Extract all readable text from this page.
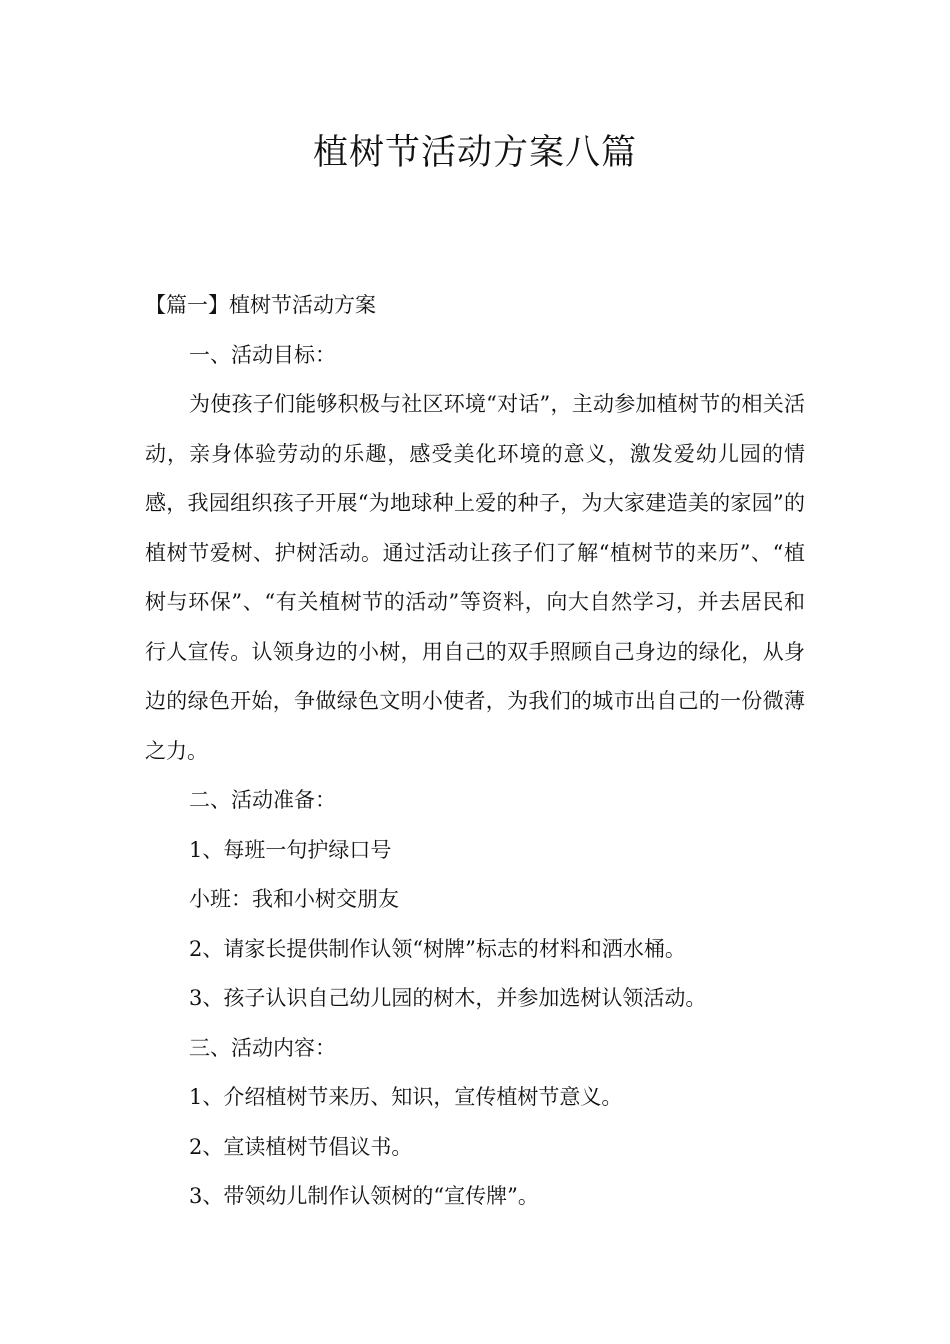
植树节活动方案八篇

【篇一】植树节活动方案

一、活动目标：

为使孩子们能够积极与社区环境“对话”，主动参加植树节的相关活动，亲身体验劳动的乐趣，感受美化环境的意义，激发爱幼儿园的情感，我园组织孩子开展“为地球种上爱的种子，为大家建造美的家园”的植树节爱树、护树活动。通过活动让孩子们了解“植树节的来历”、“植树与环保”、“有关植树节的活动”等资料，向大自然学习，并去居民和行人宣传。认领身边的小树，用自己的双手照顾自己身边的绿化，从身边的绿色开始，争做绿色文明小使者，为我们的城市出自己的一份微薄之力。

二、活动准备：

1、每班一句护绿口号

小班：我和小树交朋友

2、请家长提供制作认领“树牌”标志的材料和洒水桶。

3、孩子认识自己幼儿园的树木，并参加选树认领活动。

三、活动内容：

1、介绍植树节来历、知识，宣传植树节意义。

2、宣读植树节倡议书。

3、带领幼儿制作认领树的“宣传牌”。
